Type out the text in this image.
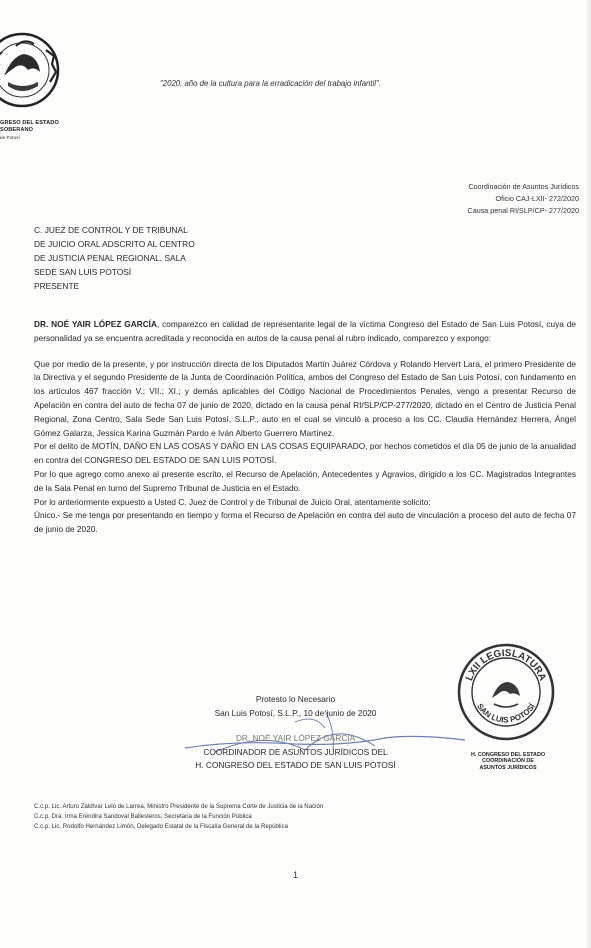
GRESO DEL ESTADO
SOBERANO
de Potosí
"2020, año de la cultura para la erradicación del trabajo infantil".
Coordinación de Asuntos Jurídicos
Oficio CAJ-LXII- 272/2020
Causa penal RI/SLP/CP- 277/2020
C. JUEZ DE CONTROL Y DE TRIBUNAL
DE JUICIO ORAL ADSCRITO AL CENTRO
DE JUSTICIA PENAL REGIONAL, SALA
SEDE SAN LUIS POTOSÍ
PRESENTE

DR. NOÉ YAIR LÓPEZ GARCÍA, comparezco en calidad de representante legal de la víctima Congreso del Estado de San Luis Potosí, cuya de personalidad ya se encuentra acreditada y reconocida en autos de la causa penal al rubro indicado, comparezco y expongo:

Que por medio de la presente, y por instrucción directa de los Diputados Martín Juárez Córdova y Rolando Hervert Lara, el primero Presidente de la Directiva y el segundo Presidente de la Junta de Coordinación Política, ambos del Congreso del Estado de San Luis Potosí, con fundamento en los artículos 467 fracción V.; VII.; XI.; y demás aplicables del Código Nacional de Procedimientos Penales, vengo a presentar Recurso de Apelación en contra del auto de fecha 07 de junio de 2020, dictado en la causa penal RI/SLP/CP-277/2020, dictado en el Centro de Justicia Penal Regional, Zona Centro, Sala Sede San Luis Potosí, S.L.P., auto en el cual se vinculó a proceso a los CC. Claudia Hernández Herrera, Ángel Gómez Galarza, Jessica Karina Guzmán Pardo e Iván Alberto Guerrero Martínez.

Por el delito de MOTÍN, DAÑO EN LAS COSAS Y DAÑO EN LAS COSAS EQUIPARADO, por hechos cometidos el día 05 de junio de la anualidad en contra del CONGRESO DEL ESTADO DE SAN LUIS POTOSÍ.

Por lo que agrego como anexo al presente escrito, el Recurso de Apelación, Antecedentes y Agravios, dirigido a los CC. Magistrados Integrantes de la Sala Penal en turno del Supremo Tribunal de Justicia en el Estado.

Por lo anteriormente expuesto a Usted C. Juez de Control y de Tribunal de Juicio Oral, atentamente solicito:

Único.- Se me tenga por presentando en tiempo y forma el Recurso de Apelación en contra del auto de vinculación a proceso del auto de fecha 07 de junio de 2020.

Protesto lo Necesario
San Luis Potosí, S.L.P., 10 de junio de 2020
DR. NOÉ YAIR LÓPEZ GARCÍA
COORDINADOR DE ASUNTOS JURÍDICOS DEL
H. CONGRESO DEL ESTADO DE SAN LUIS POTOSÍ
LXII LEGISLATURA
SAN LUIS POTOSÍ
H. CONGRESO DEL ESTADO
COORDINACIÓN DE
ASUNTOS JURÍDICOS
C.c.p. Lic. Arturo Zaldívar Lelo de Larrea, Ministro Presidente de la Suprema Corte de Justicia de la Nación
C.c.p. Dra. Irma Eréndira Sandoval Ballesteros, Secretaria de la Función Pública
C.c.p. Lic. Rodolfo Hernández Limón, Delegado Estatal de la Fiscalía General de la República
1
